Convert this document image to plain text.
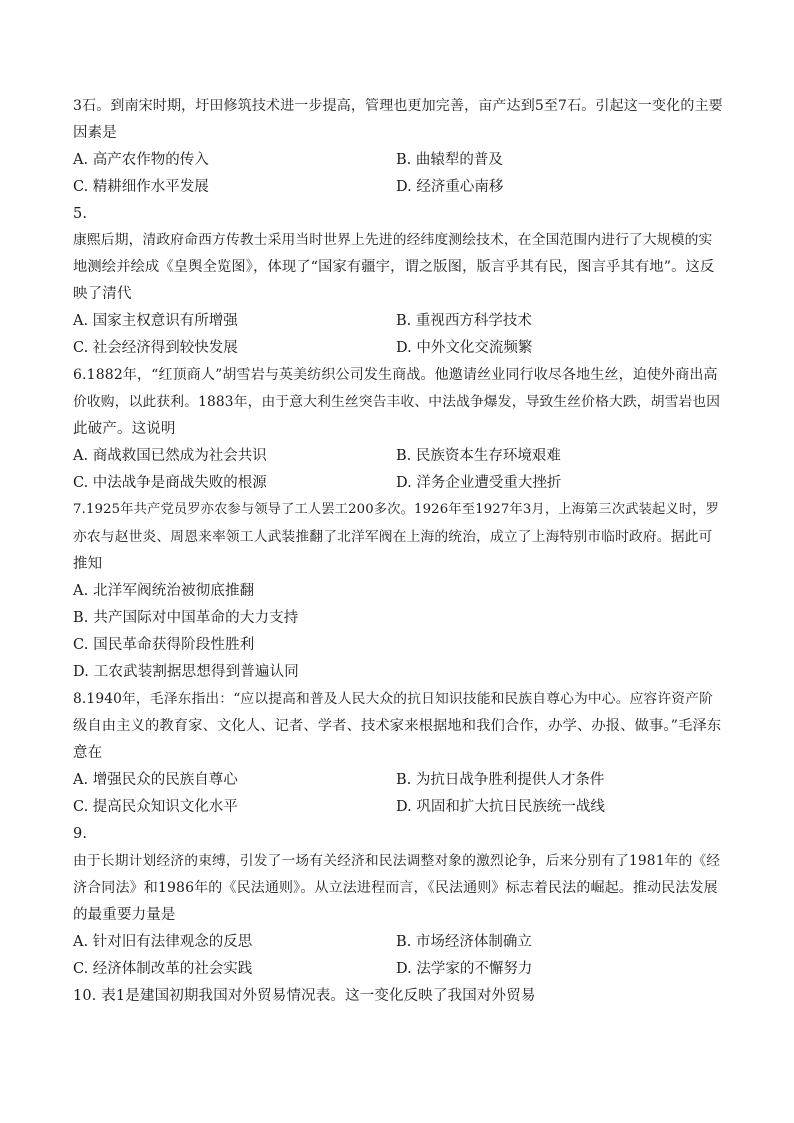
3石。到南宋时期，圩田修筑技术进一步提高，管理也更加完善，亩产达到5至7石。引起这一变化的主要
因素是
A. 高产农作物的传入	B. 曲辕犁的普及
C. 精耕细作水平发展	D. 经济重心南移
5.
康熙后期，清政府命西方传教士采用当时世界上先进的经纬度测绘技术，在全国范围内进行了大规模的实
地测绘并绘成《皇舆全览图》，体现了“国家有疆宇，谓之版图，版言乎其有民，图言乎其有地”。这反
映了清代
A. 国家主权意识有所增强	B. 重视西方科学技术
C. 社会经济得到较快发展	D. 中外文化交流频繁
6.1882年，“红顶商人”胡雪岩与英美纺织公司发生商战。他邀请丝业同行收尽各地生丝，迫使外商出高
价收购，以此获利。1883年，由于意大利生丝突告丰收、中法战争爆发，导致生丝价格大跌，胡雪岩也因
此破产。这说明
A. 商战救国已然成为社会共识	B. 民族资本生存环境艰难
C. 中法战争是商战失败的根源	D. 洋务企业遭受重大挫折
7.1925年共产党员罗亦农参与领导了工人罢工200多次。1926年至1927年3月，上海第三次武装起义时，罗
亦农与赵世炎、周恩来率领工人武装推翻了北洋军阀在上海的统治，成立了上海特别市临时政府。据此可
推知
A. 北洋军阀统治被彻底推翻
B. 共产国际对中国革命的大力支持
C. 国民革命获得阶段性胜利
D. 工农武装割据思想得到普遍认同
8.1940年，毛泽东指出：“应以提高和普及人民大众的抗日知识技能和民族自尊心为中心。应容许资产阶
级自由主义的教育家、文化人、记者、学者、技术家来根据地和我们合作，办学、办报、做事。”毛泽东
意在
A. 增强民众的民族自尊心	B. 为抗日战争胜利提供人才条件
C. 提高民众知识文化水平	D. 巩固和扩大抗日民族统一战线
9.
由于长期计划经济的束缚，引发了一场有关经济和民法调整对象的激烈论争，后来分别有了1981年的《经
济合同法》和1986年的《民法通则》。从立法进程而言，《民法通则》标志着民法的崛起。推动民法发展
的最重要力量是
A. 针对旧有法律观念的反思	B. 市场经济体制确立
C. 经济体制改革的社会实践	D. 法学家的不懈努力
10. 表1是建国初期我国对外贸易情况表。这一变化反映了我国对外贸易
